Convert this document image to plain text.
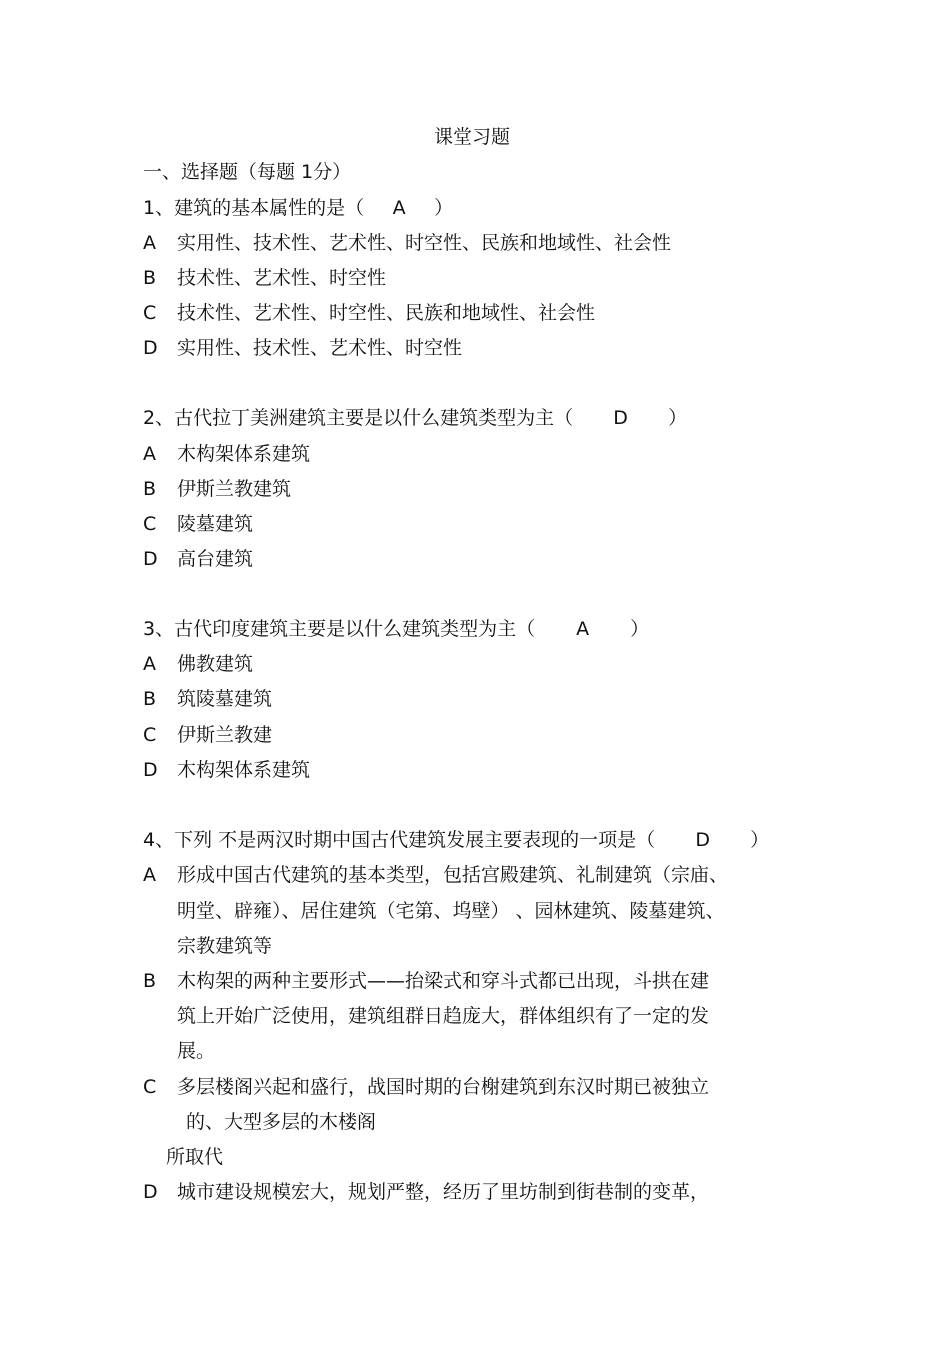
课堂习题
一、选择题（每题 1分）
1、建筑的基本属性的是（ A ）
A 实用性、技术性、艺术性、时空性、民族和地域性、社会性
B 技术性、艺术性、时空性
C 技术性、艺术性、时空性、民族和地域性、社会性
D 实用性、技术性、艺术性、时空性
2、古代拉丁美洲建筑主要是以什么建筑类型为主（ D ）
A 木构架体系建筑
B 伊斯兰教建筑
C 陵墓建筑
D 高台建筑
3、古代印度建筑主要是以什么建筑类型为主（ A ）
A 佛教建筑
B 筑陵墓建筑
C 伊斯兰教建
D 木构架体系建筑
4、下列 不是两汉时期中国古代建筑发展主要表现的一项是（ D ）
A 形成中国古代建筑的基本类型，包括宫殿建筑、礼制建筑（宗庙、
明堂、辟雍）、居住建筑（宅第、坞壁） 、园林建筑、陵墓建筑、
宗教建筑等
B 木构架的两种主要形式——抬梁式和穿斗式都已出现，斗拱在建
筑上开始广泛使用，建筑组群日趋庞大，群体组织有了一定的发
展。
C 多层楼阁兴起和盛行，战国时期的台榭建筑到东汉时期已被独立
的、大型多层的木楼阁
所取代
D 城市建设规模宏大，规划严整，经历了里坊制到街巷制的变革，
